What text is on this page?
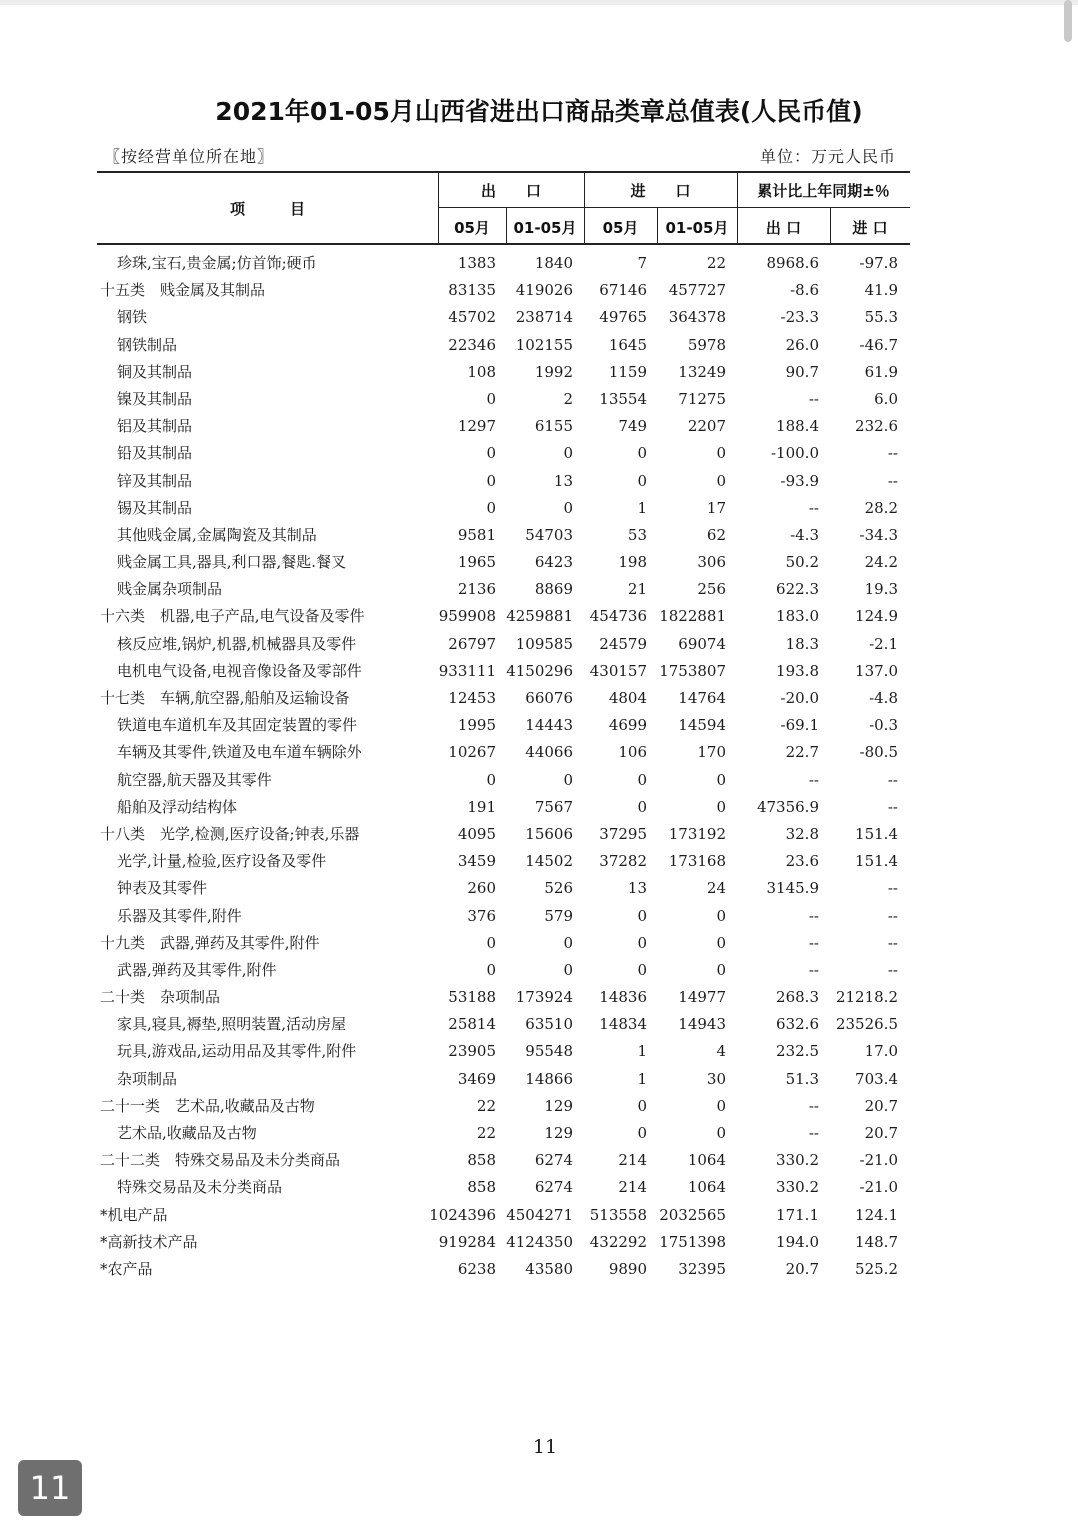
2021年01-05月山西省进出口商品类章总值表(人民币值)
〖按经营单位所在地〗	单位：万元人民币
项　　　目
出　　口	进　　口	累计比上年同期±％
05月	01-05月	05月	01-05月	出 口	进 口
珍珠,宝石,贵金属;仿首饰;硬币	1383	1840	7	22	8968.6	-97.8
十五类　贱金属及其制品	83135 419026 67146 457727	-8.6	41.9
钢铁	45702 238714 49765 364378	-23.3	55.3
钢铁制品	22346 102155 1645	5978	26.0	-46.7
铜及其制品	108	1992 1159 13249	90.7	61.9
镍及其制品	0	2 13554 71275	--	6.0
铝及其制品	1297	6155	749	2207	188.4 232.6
铅及其制品	0	0	0	0	-100.0	--
锌及其制品	0	13	0	0	-93.9	--
锡及其制品	0	0	1	17	--	28.2
其他贱金属,金属陶瓷及其制品	9581 54703	53	62	-4.3	-34.3
贱金属工具,器具,利口器,餐匙.餐叉	1965	6423	198	306	50.2	24.2
贱金属杂项制品	2136	8869	21	256	622.3	19.3
十六类　机器,电子产品,电气设备及零件	959908 4259881 454736 1822881	183.0 124.9
核反应堆,锅炉,机器,机械器具及零件	26797 109585 24579 69074	18.3	-2.1
电机电气设备,电视音像设备及零部件	933111 4150296 430157 1753807	193.8 137.0
十七类　车辆,航空器,船舶及运输设备	12453 66076 4804 14764	-20.0	-4.8
铁道电车道机车及其固定装置的零件	1995 14443 4699 14594	-69.1	-0.3
车辆及其零件,铁道及电车道车辆除外	10267 44066	106	170	22.7	-80.5
航空器,航天器及其零件	0	0	0	0	--	--
船舶及浮动结构体	191	7567	0	0 47356.9	--
十八类　光学,检测,医疗设备;钟表,乐器	4095 15606 37295 173192	32.8 151.4
光学,计量,检验,医疗设备及零件	3459 14502 37282 173168	23.6 151.4
钟表及其零件	260	526	13	24	3145.9	--
乐器及其零件,附件	376	579	0	0	--	--
十九类　武器,弹药及其零件,附件	0	0	0	0	--	--
武器,弹药及其零件,附件	0	0	0	0	--	--
二十类　杂项制品	53188 173924 14836 14977	268.3 21218.2
家具,寝具,褥垫,照明装置,活动房屋	25814 63510 14834 14943	632.6 23526.5
玩具,游戏品,运动用品及其零件,附件	23905 95548	1	4	232.5	17.0
杂项制品	3469 14866	1	30	51.3 703.4
二十一类　艺术品,收藏品及古物	22	129	0	0	--	20.7
艺术品,收藏品及古物	22	129	0	0	--	20.7
二十二类　特殊交易品及未分类商品	858	6274	214	1064	330.2	-21.0
特殊交易品及未分类商品	858	6274	214	1064	330.2	-21.0
*机电产品	1024396 4504271 513558 2032565	171.1 124.1
*高新技术产品	919284 4124350 432292 1751398	194.0 148.7
*农产品	6238 43580 9890 32395	20.7 525.2
11
11
